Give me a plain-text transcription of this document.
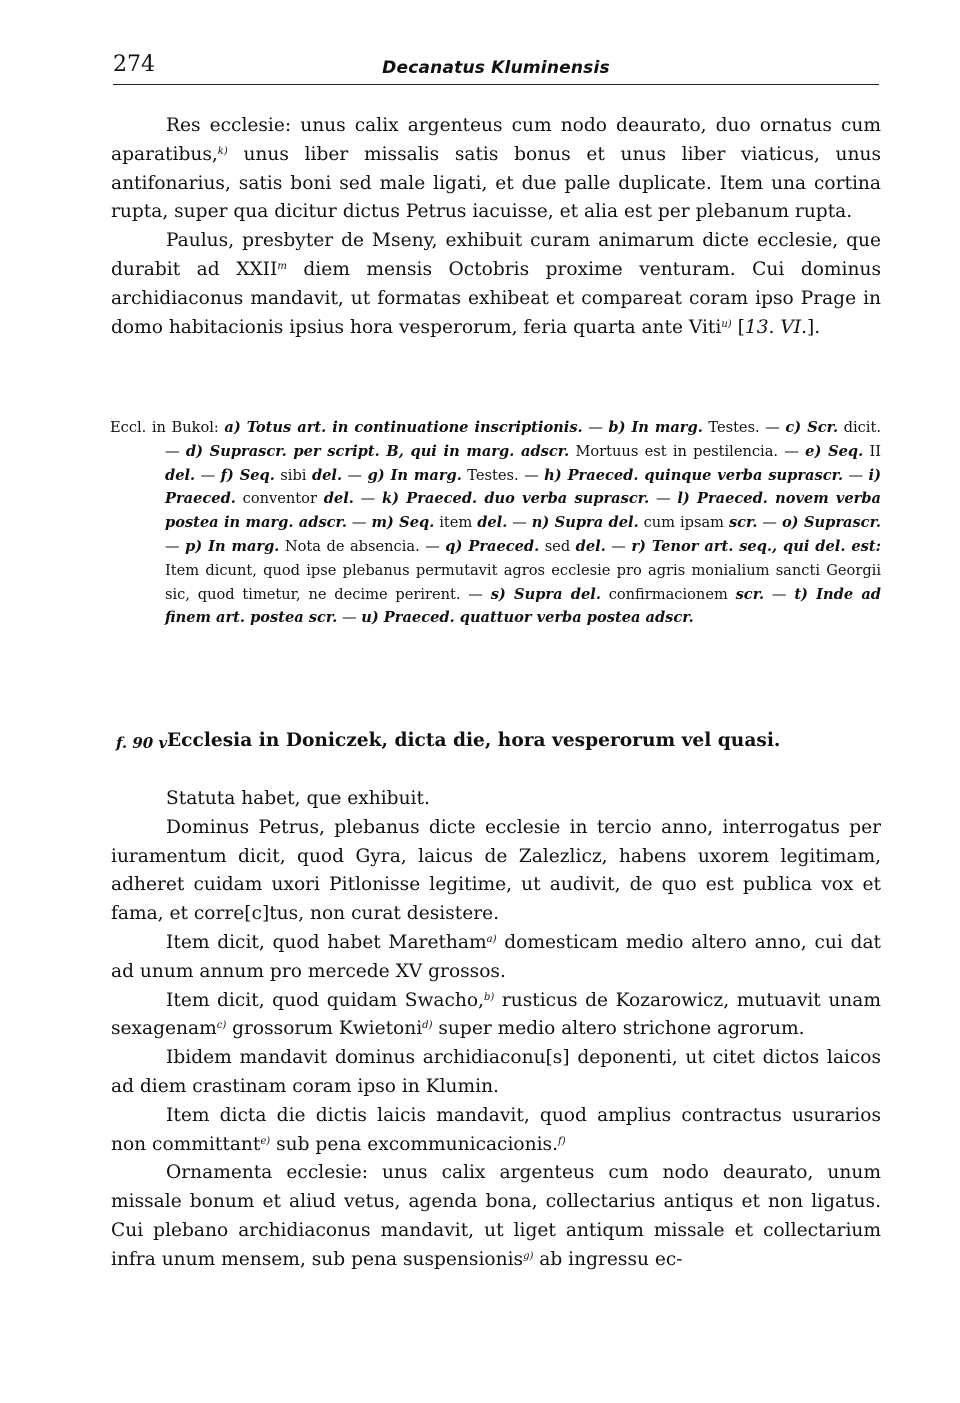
274	Decanatus Kluminensis

Res ecclesie: unus calix argenteus cum nodo deaurato, duo ornatus cum aparatibus,$^{k)}$ unus liber missalis satis bonus et unus liber viaticus, unus antifonarius, satis boni sed male ligati, et due palle duplicate. Item una cortina rupta, super qua dicitur dictus Petrus iacuisse, et alia est per plebanum rupta.

Paulus, presbyter de Mseny, exhibuit curam animarum dicte ecclesie, que durabit ad XXII$^m$ diem mensis Octobris proxime venturam. Cui dominus archidiaconus mandavit, ut formatas exhibeat et compareat coram ipso Prage in domo habitacionis ipsius hora vesperorum, feria quarta ante Viti$^{u)}$ [13. VI.].

Eccl. in Bukol: a) Totus art. in continuatione inscriptionis. — b) In marg. Testes. — c) Scr. dicit. — d) Suprascr. per script. B, qui in marg. adscr. Mortuus est in pestilencia. — e) Seq. II del. — f) Seq. sibi del. — g) In marg. Testes. — h) Praeced. quinque verba suprascr. — i) Praeced. conventor del. — k) Praeced. duo verba suprascr. — l) Praeced. novem verba postea in marg. adscr. — m) Seq. item del. — n) Supra del. cum ipsam scr. — o) Suprascr. — p) In marg. Nota de absencia. — q) Praeced. sed del. — r) Tenor art. seq., qui del. est: Item dicunt, quod ipse plebanus permutavit agros ecclesie pro agris monialium sancti Georgii sic, quod timetur, ne decime perirent. — s) Supra del. confirmacionem scr. — t) Inde ad finem art. postea scr. — u) Praeced. quattuor verba postea adscr.

f. 90 v Ecclesia in Doniczek, dicta die, hora vesperorum vel quasi.

Statuta habet, que exhibuit.

Dominus Petrus, plebanus dicte ecclesie in tercio anno, interrogatus per iuramentum dicit, quod Gyra, laicus de Zalezlicz, habens uxorem legitimam, adheret cuidam uxori Pitlonisse legitime, ut audivit, de quo est publica vox et fama, et corre[c]tus, non curat desistere.

Item dicit, quod habet Maretham$^{a)}$ domesticam medio altero anno, cui dat ad unum annum pro mercede XV grossos.

Item dicit, quod quidam Swacho,$^{b)}$ rusticus de Kozarowicz, mutuavit unam sexagenam$^{c)}$ grossorum Kwietoni$^{d)}$ super medio altero strichone agrorum.

Ibidem mandavit dominus archidiaconu[s] deponenti, ut citet dictos laicos ad diem crastinam coram ipso in Klumin.

Item dicta die dictis laicis mandavit, quod amplius contractus usurarios non committant$^{e)}$ sub pena excommunicacionis.$^{f)}$

Ornamenta ecclesie: unus calix argenteus cum nodo deaurato, unum missale bonum et aliud vetus, agenda bona, collectarius antiqus et non ligatus. Cui plebano archidiaconus mandavit, ut liget antiqum missale et collectarium infra unum mensem, sub pena suspensionis$^{g)}$ ab ingressu ec-
